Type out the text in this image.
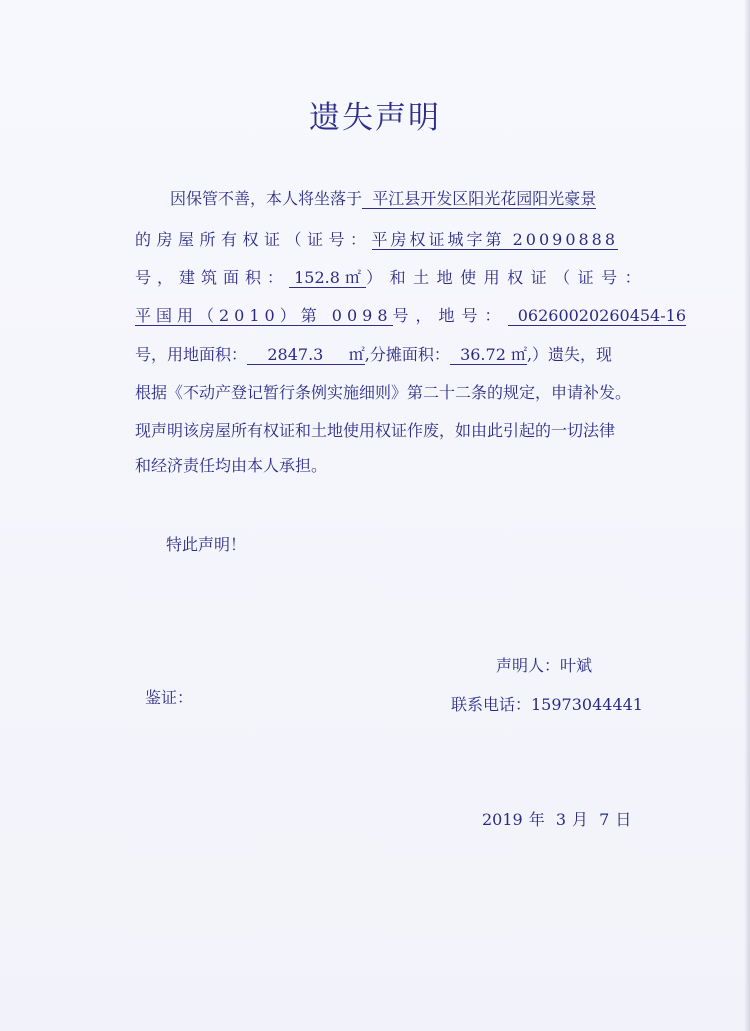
遗失声明
因保管不善，本人将坐落于 平江县开发区阳光花园阳光豪景
的房屋所有权证（证号：平房权证城字第 20090888
号，建筑面积： 152.8 ㎡ ）和土地使用权证（证号：
平国用（2010）第 0098号，地号： 06260020260454-16
号，用地面积： 2847.3 ㎡,分摊面积： 36.72 ㎡,）遗失，现
根据《不动产登记暂行条例实施细则》第二十二条的规定，申请补发。
现声明该房屋所有权证和土地使用权证作废，如由此引起的一切法律
和经济责任均由本人承担。
特此声明！
声明人：叶斌
鉴证：	联系电话：15973044441
2019 年 3 月 7 日
